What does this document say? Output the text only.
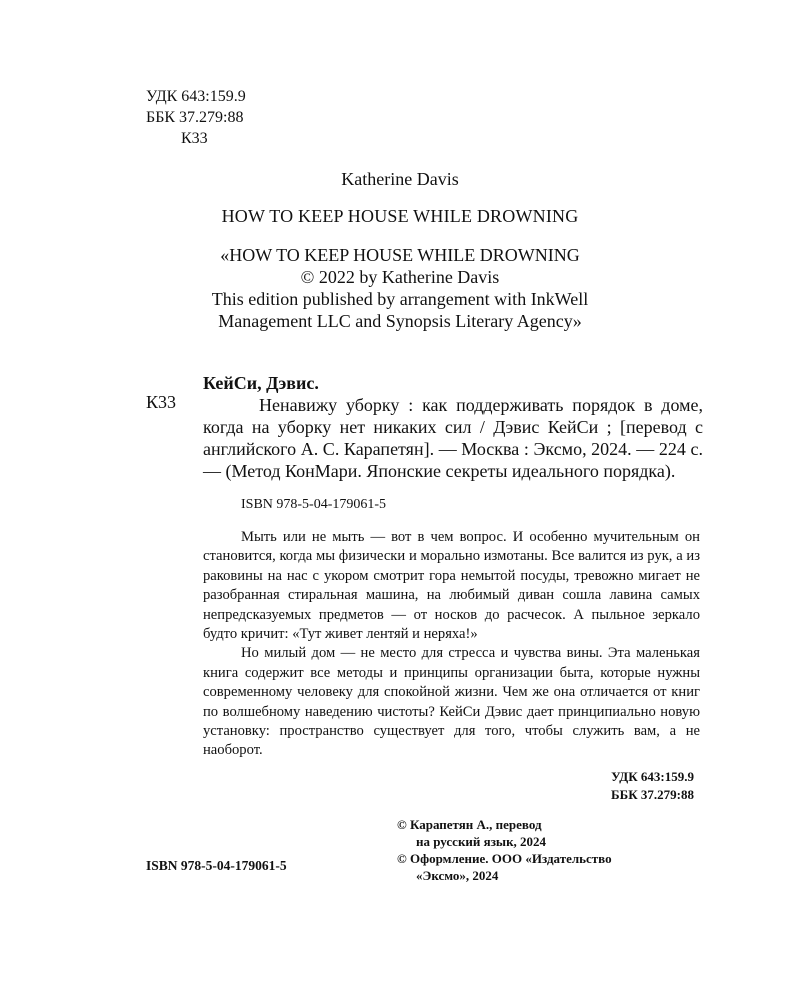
УДК 643:159.9
ББК 37.279:88
К33
Katherine Davis
HOW TO KEEP HOUSE WHILE DROWNING
«HOW TO KEEP HOUSE WHILE DROWNING
© 2022 by Katherine Davis
This edition published by arrangement with InkWell
Management LLC and Synopsis Literary Agency»
К33
КейСи, Дэвис.

Ненавижу уборку : как поддерживать порядок в доме, когда на уборку нет никаких сил / Дэвис КейСи ; [перевод с английского А. С. Карапетян]. — Москва : Эксмо, 2024. — 224 с. — (Метод КонМари. Японские секреты идеального порядка).

ISBN 978-5-04-179061-5

Мыть или не мыть — вот в чем вопрос. И особенно мучительным он становится, когда мы физически и морально измотаны. Все валится из рук, а из раковины на нас с укором смотрит гора немытой посуды, тревожно мигает не разобранная стиральная машина, на любимый диван сошла лавина самых непредсказуемых предметов — от носков до расчесок. А пыльное зеркало будто кричит: «Тут живет лентяй и неряха!»

Но милый дом — не место для стресса и чувства вины. Эта маленькая книга содержит все методы и принципы организации быта, которые нужны современному человеку для спокойной жизни. Чем же она отличается от книг по волшебному наведению чистоты? КейСи Дэвис дает принципиально новую установку: пространство существует для того, чтобы служить вам, а не наоборот.

УДК 643:159.9
ББК 37.279:88
© Карапетян А., перевод
на русский язык, 2024
© Оформление. ООО «Издательство
«Эксмо», 2024
ISBN 978-5-04-179061-5
